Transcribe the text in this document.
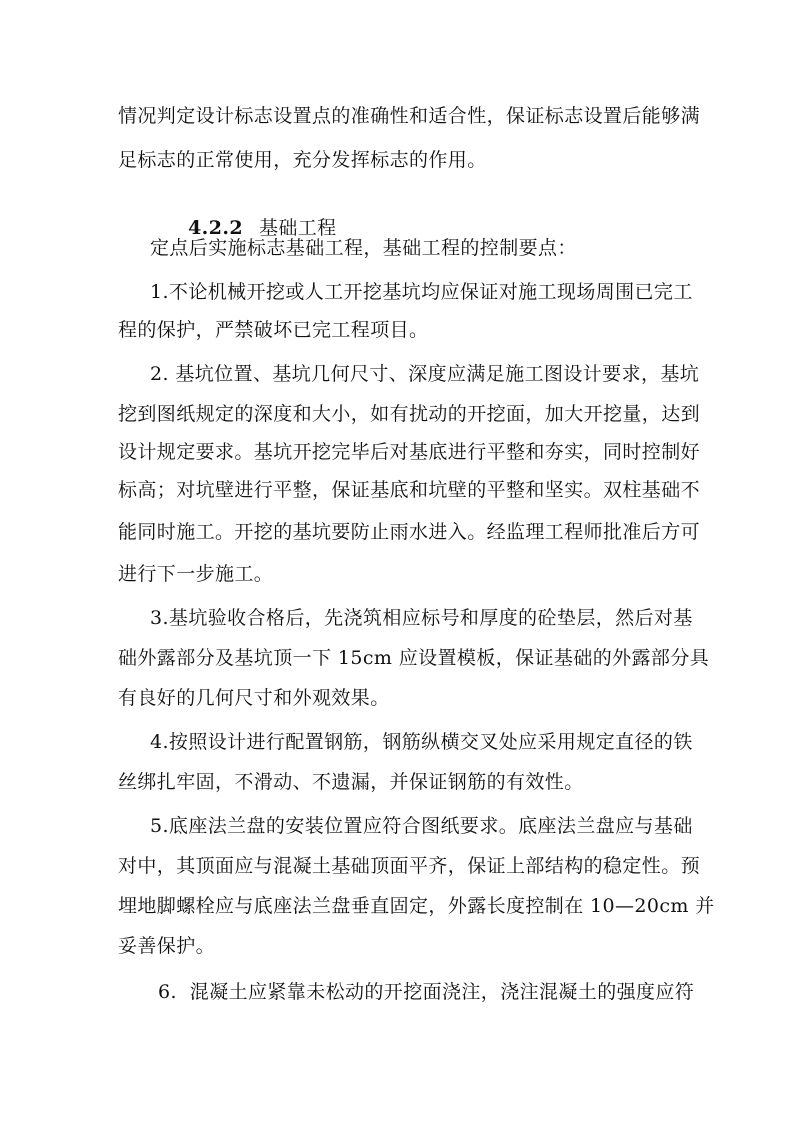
情况判定设计标志设置点的准确性和适合性，保证标志设置后能够满
足标志的正常使用，充分发挥标志的作用。

4.2.2 基础工程

定点后实施标志基础工程，基础工程的控制要点：
1.不论机械开挖或人工开挖基坑均应保证对施工现场周围已完工
程的保护，严禁破坏已完工程项目。
2. 基坑位置、基坑几何尺寸、深度应满足施工图设计要求，基坑
挖到图纸规定的深度和大小，如有扰动的开挖面，加大开挖量，达到
设计规定要求。基坑开挖完毕后对基底进行平整和夯实，同时控制好
标高；对坑壁进行平整，保证基底和坑壁的平整和坚实。双柱基础不
能同时施工。开挖的基坑要防止雨水进入。经监理工程师批准后方可
进行下一步施工。
3.基坑验收合格后，先浇筑相应标号和厚度的砼垫层，然后对基
础外露部分及基坑顶一下 15cm 应设置模板，保证基础的外露部分具
有良好的几何尺寸和外观效果。
4.按照设计进行配置钢筋，钢筋纵横交叉处应采用规定直径的铁
丝绑扎牢固，不滑动、不遗漏，并保证钢筋的有效性。
5.底座法兰盘的安装位置应符合图纸要求。底座法兰盘应与基础
对中，其顶面应与混凝土基础顶面平齐，保证上部结构的稳定性。预
埋地脚螺栓应与底座法兰盘垂直固定，外露长度控制在 10—20cm 并
妥善保护。
6.  混凝土应紧靠未松动的开挖面浇注，浇注混凝土的强度应符
